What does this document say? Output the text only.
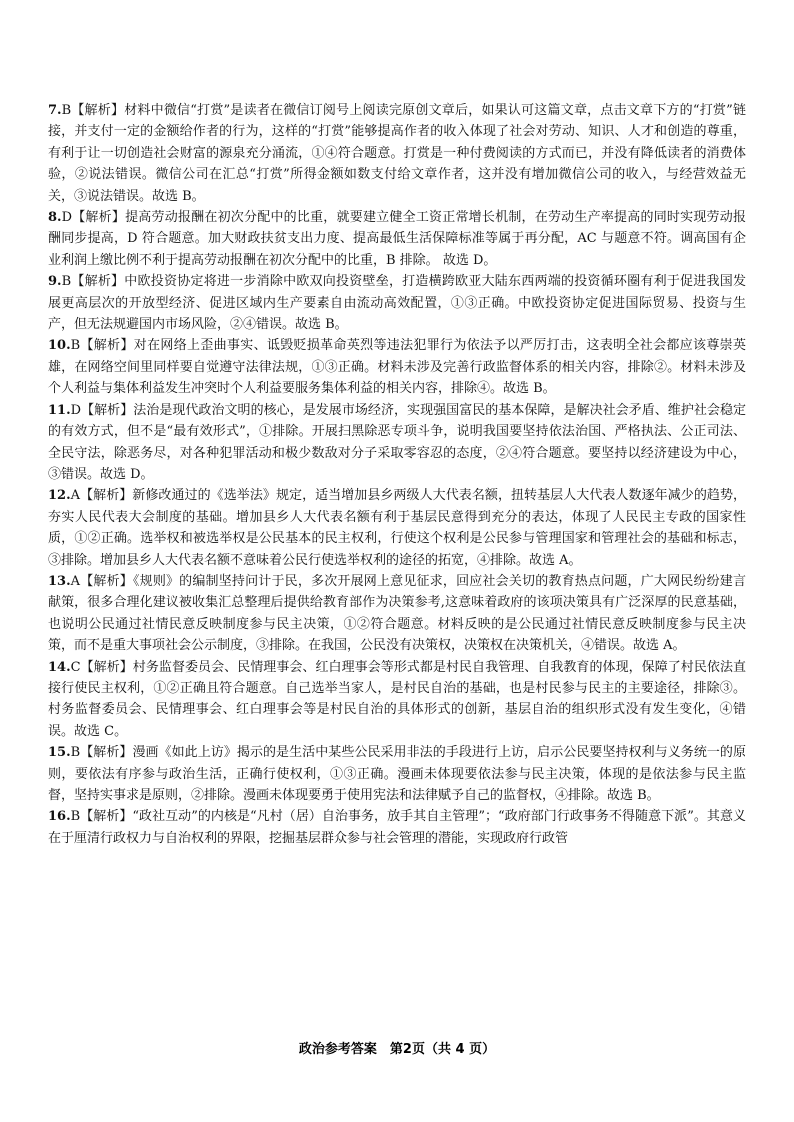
7.B【解析】材料中微信“打赏”是读者在微信订阅号上阅读完原创文章后，如果认可这篇文章，点击文章下方的“打赏”链接，并支付一定的金额给作者的行为，这样的“打赏”能够提高作者的收入体现了社会对劳动、知识、人才和创造的尊重，有利于让一切创造社会财富的源泉充分涌流，①④符合题意。打赏是一种付费阅读的方式而已，并没有降低读者的消费体验，②说法错误。微信公司在汇总“打赏”所得金额如数支付给文章作者，这并没有增加微信公司的收入，与经营效益无关，③说法错误。故选 B。

8.D【解析】提高劳动报酬在初次分配中的比重，就要建立健全工资正常增长机制，在劳动生产率提高的同时实现劳动报酬同步提高，D 符合题意。加大财政扶贫支出力度、提高最低生活保障标准等属于再分配，AC 与题意不符。调高国有企业利润上缴比例不利于提高劳动报酬在初次分配中的比重，B 排除。 故选 D。

9.B【解析】中欧投资协定将进一步消除中欧双向投资壁垒，打造横跨欧亚大陆东西两端的投资循环圈有利于促进我国发展更高层次的开放型经济、促进区域内生产要素自由流动高效配置，①③正确。中欧投资协定促进国际贸易、投资与生产，但无法规避国内市场风险，②④错误。故选 B。

10.B【解析】对在网络上歪曲事实、诋毁贬损革命英烈等违法犯罪行为依法予以严厉打击，这表明全社会都应该尊崇英雄，在网络空间里同样要自觉遵守法律法规，①③正确。材料未涉及完善行政监督体系的相关内容，排除②。材料未涉及个人利益与集体利益发生冲突时个人利益要服务集体利益的相关内容，排除④。故选 B。

11.D【解析】法治是现代政治文明的核心，是发展市场经济，实现强国富民的基本保障，是解决社会矛盾、维护社会稳定的有效方式，但不是“最有效形式”，①排除。开展扫黑除恶专项斗争，说明我国要坚持依法治国、严格执法、公正司法、全民守法，除恶务尽，对各种犯罪活动和极少数敌对分子采取零容忍的态度，②④符合题意。要坚持以经济建设为中心，③错误。故选 D。

12.A【解析】新修改通过的《选举法》规定，适当增加县乡两级人大代表名额，扭转基层人大代表人数逐年减少的趋势，夯实人民代表大会制度的基础。增加县乡人大代表名额有利于基层民意得到充分的表达，体现了人民民主专政的国家性质，①②正确。选举权和被选举权是公民基本的民主权利，行使这个权利是公民参与管理国家和管理社会的基础和标志，③排除。增加县乡人大代表名额不意味着公民行使选举权利的途径的拓宽，④排除。故选 A。

13.A【解析】《规则》的编制坚持问计于民，多次开展网上意见征求，回应社会关切的教育热点问题，广大网民纷纷建言献策，很多合理化建议被收集汇总整理后提供给教育部作为决策参考,这意味着政府的该项决策具有广泛深厚的民意基础，也说明公民通过社情民意反映制度参与民主决策，①②符合题意。材料反映的是公民通过社情民意反映制度参与民主决策，而不是重大事项社会公示制度，③排除。在我国，公民没有决策权，决策权在决策机关，④错误。故选 A。

14.C【解析】村务监督委员会、民情理事会、红白理事会等形式都是村民自我管理、自我教育的体现，保障了村民依法直接行使民主权利，①②正确且符合题意。自己选举当家人，是村民自治的基础，也是村民参与民主的主要途径，排除③。村务监督委员会、民情理事会、红白理事会等是村民自治的具体形式的创新，基层自治的组织形式没有发生变化，④错误。故选 C。

15.B【解析】漫画《如此上访》揭示的是生活中某些公民采用非法的手段进行上访，启示公民要坚持权利与义务统一的原则，要依法有序参与政治生活，正确行使权利，①③正确。漫画未体现要依法参与民主决策，体现的是依法参与民主监督，坚持实事求是原则，②排除。漫画未体现要勇于使用宪法和法律赋予自己的监督权，④排除。故选 B。

16.B【解析】“政社互动”的内核是“凡村（居）自治事务，放手其自主管理”；“政府部门行政事务不得随意下派”。其意义在于厘清行政权力与自治权利的界限，挖掘基层群众参与社会管理的潜能，实现政府行政管

政治参考答案　第2页（共 4 页）
